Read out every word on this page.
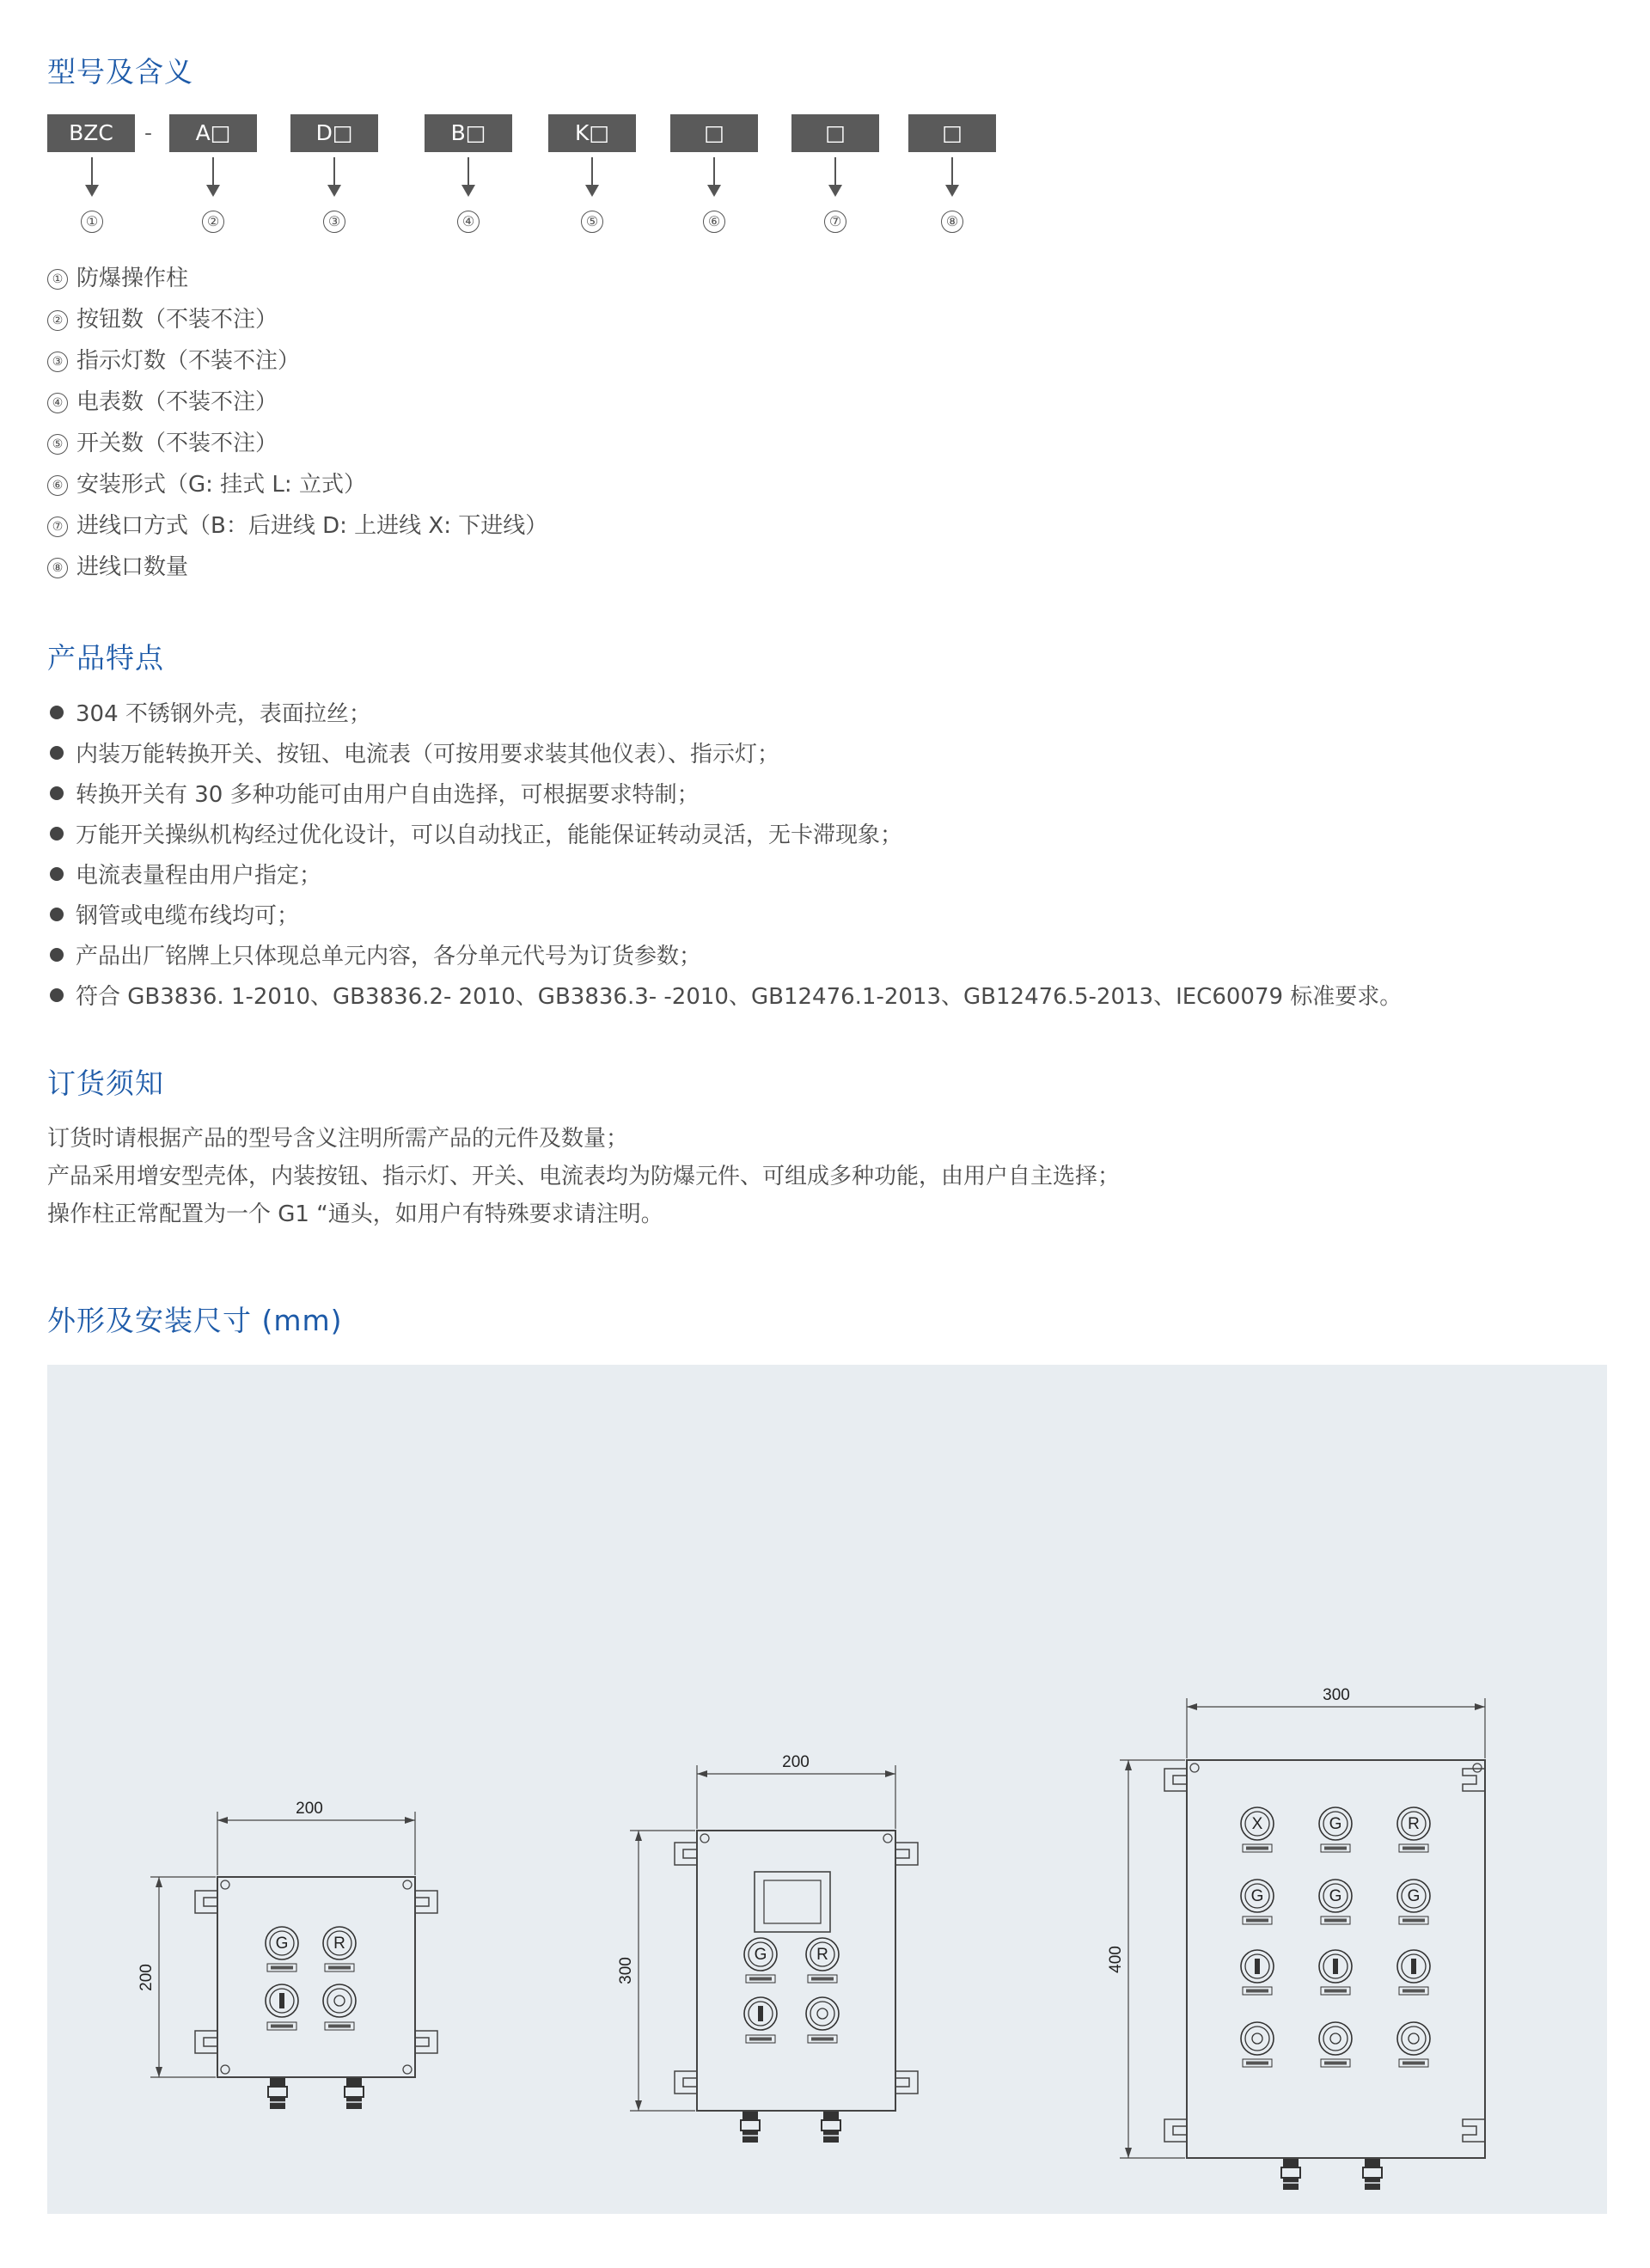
型号及含义
BZC	-	A□	D□	B□	K□	□	□	□
①	②	③	④	⑤	⑥	⑦	⑧
① 防爆操作柱
② 按钮数（不装不注）
③ 指示灯数（不装不注）
④ 电表数（不装不注）
⑤ 开关数（不装不注）
⑥ 安装形式（G: 挂式 L: 立式）
⑦ 进线口方式（B：后进线 D: 上进线 X: 下进线）
⑧ 进线口数量
产品特点
304 不锈钢外壳，表面拉丝；
内装万能转换开关、按钮、电流表（可按用要求装其他仪表）、指示灯；
转换开关有 30 多种功能可由用户自由选择，可根据要求特制；
万能开关操纵机构经过优化设计，可以自动找正，能能保证转动灵活，无卡滞现象；
电流表量程由用户指定；
钢管或电缆布线均可；
产品出厂铭牌上只体现总单元内容，各分单元代号为订货参数；
符合 GB3836. 1-2010、GB3836.2- 2010、GB3836.3- -2010、GB12476.1-2013、GB12476.5-2013、IEC60079 标准要求。
订货须知

订货时请根据产品的型号含义注明所需产品的元件及数量；

产品采用增安型壳体，内装按钮、指示灯、开关、电流表均为防爆元件、可组成多种功能，由用户自主选择；

操作柱正常配置为一个 G1 “通头，如用户有特殊要求请注明。

外形及安装尺寸 (mm)
G	R
200
200
G	R
200
300
X	G	R
G	G	G
300
400
